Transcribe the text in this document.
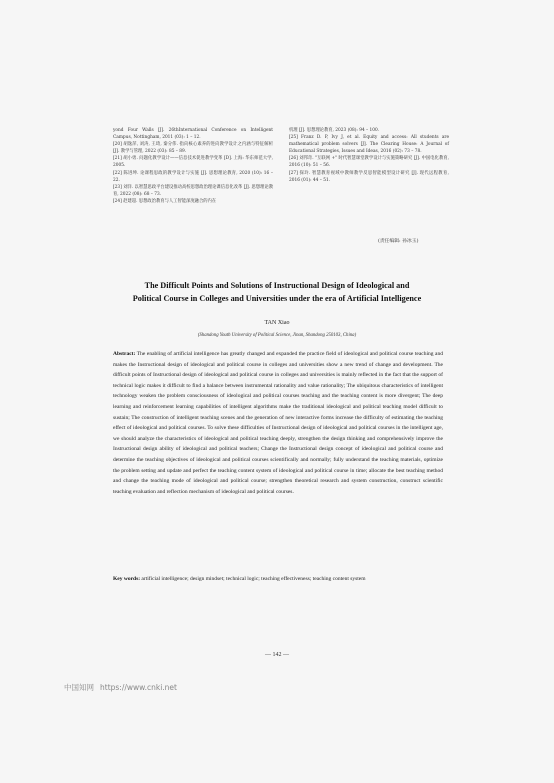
yond Four Walls [J]. 26thInternational Conference on Intelligent Campus, Nottingham, 2011 (03): 1 – 12.

[20] 胡逸萍, 刘涛, 王琦, 秦分伟. 指向核心素养的进向教学设计之内涵与特征解析 [J]. 教学与管理, 2022 (03): 85 – 89.

[21] 胡小勇. 问题化教学设计——信息技术促进教学变革 [D]. 上海: 华东师范大学, 2005.

[22] 陈进坤. 论课程思政的教学设计与实施 [J]. 思想理论教育, 2020 (10): 16 – 22.

[23] 刘洋. 以智慧思政平台建设推动高校思想政治理论课信息化改革 [J]. 思想理论教育, 2022 (08): 68 – 73.

[24] 赵建超. 思想政治教育与人工智能深度融合的内在

机理 [J]. 思想理论教育, 2023 (08): 94 – 100.

[25] Franz D. P, Ivy J, et al. Equity and access: All students are mathematical problem solvers [J]. The Clearing House: A Journal of Educational Strategies, Issues and Ideas, 2016 (02): 73 – 78.

[26] 刘邦奇. "互联网 +" 时代智慧课堂教学设计与实施策略研究 [J]. 中国电化教育, 2016 (10): 51 – 56.

[27] 探玲. 智慧教育视域中教师教学反思智能模型设计研究 [J]. 现代远程教育, 2016 (01): 44 – 51.

(责任编辑: 孙冰玉)
The Difficult Points and Solutions of Instructional Design of Ideological and
Political Course in Colleges and Universities under the era of Artificial Intelligence
TAN Xiao
(Shandong Youth University of Political Science, Jinan, Shandong 250103, China)

Abstract: The enabling of artificial intelligence has greatly changed and expanded the practice field of ideological and political course teaching and makes the Instructional design of ideological and political course in colleges and universities show a new trend of change and development. The difficult points of Instructional design of ideological and political course in colleges and universities is mainly reflected in the fact that the support of technical logic makes it difficult to find a balance between instrumental rationality and value rationality; The ubiquitous characteristics of intelligent technology weaken the problem consciousness of ideological and political courses teaching and the teaching content is more divergent; The deep learning and reinforcement learning capabilities of intelligent algorithms make the traditional ideological and political teaching model difficult to sustain; The construction of intelligent teaching scenes and the generation of new interactive forms increase the difficulty of estimating the teaching effect of ideological and political courses. To solve these difficulties of Instructional design of ideological and political courses in the intelligent age, we should analyze the characteristics of ideological and political teaching deeply, strengthen the design thinking and comprehensively improve the Instructional design ability of ideological and political teachers; Change the Instructional design concept of ideological and political course and determine the teaching objectives of ideological and political courses scientifically and normally; fully understand the teaching materials, optimize the problem setting and update and perfect the teaching content system of ideological and political course in time; allocate the best teaching method and change the teaching mode of ideological and political course; strengthen theoretical research and system construction, construct scientific teaching evaluation and reflection mechanism of ideological and political courses.

Key words: artificial intelligence; design mindset; technical logic; teaching effectiveness; teaching content system

— 142 —
中国知网 https://www.cnki.net
